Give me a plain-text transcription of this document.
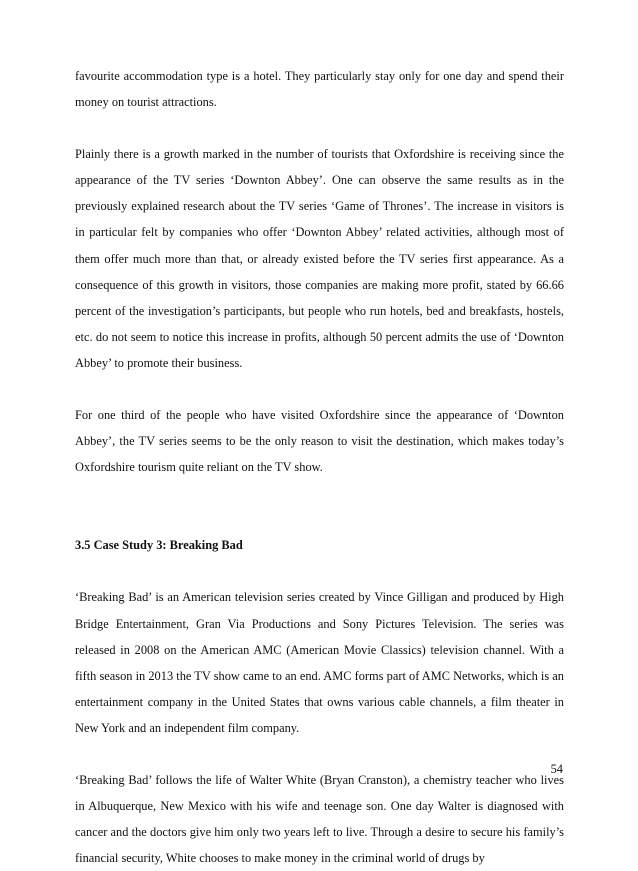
favourite accommodation type is a hotel. They particularly stay only for one day and spend their money on tourist attractions.

Plainly there is a growth marked in the number of tourists that Oxfordshire is receiving since the appearance of the TV series ‘Downton Abbey’. One can observe the same results as in the previously explained research about the TV series ‘Game of Thrones’. The increase in visitors is in particular felt by companies who offer ‘Downton Abbey’ related activities, although most of them offer much more than that, or already existed before the TV series first appearance. As a consequence of this growth in visitors, those companies are making more profit, stated by 66.66 percent of the investigation’s participants, but people who run hotels, bed and breakfasts, hostels, etc. do not seem to notice this increase in profits, although 50 percent admits the use of ‘Downton Abbey’ to promote their business.

For one third of the people who have visited Oxfordshire since the appearance of ‘Downton Abbey’, the TV series seems to be the only reason to visit the destination, which makes today’s Oxfordshire tourism quite reliant on the TV show.

3.5 Case Study 3: Breaking Bad

‘Breaking Bad’ is an American television series created by Vince Gilligan and produced by High Bridge Entertainment, Gran Via Productions and Sony Pictures Television. The series was released in 2008 on the American AMC (American Movie Classics) television channel. With a fifth season in 2013 the TV show came to an end. AMC forms part of AMC Networks, which is an entertainment company in the United States that owns various cable channels, a film theater in New York and an independent film company.

‘Breaking Bad’ follows the life of Walter White (Bryan Cranston), a chemistry teacher who lives in Albuquerque, New Mexico with his wife and teenage son. One day Walter is diagnosed with cancer and the doctors give him only two years left to live. Through a desire to secure his family’s financial security, White chooses to make money in the criminal world of drugs by

54
